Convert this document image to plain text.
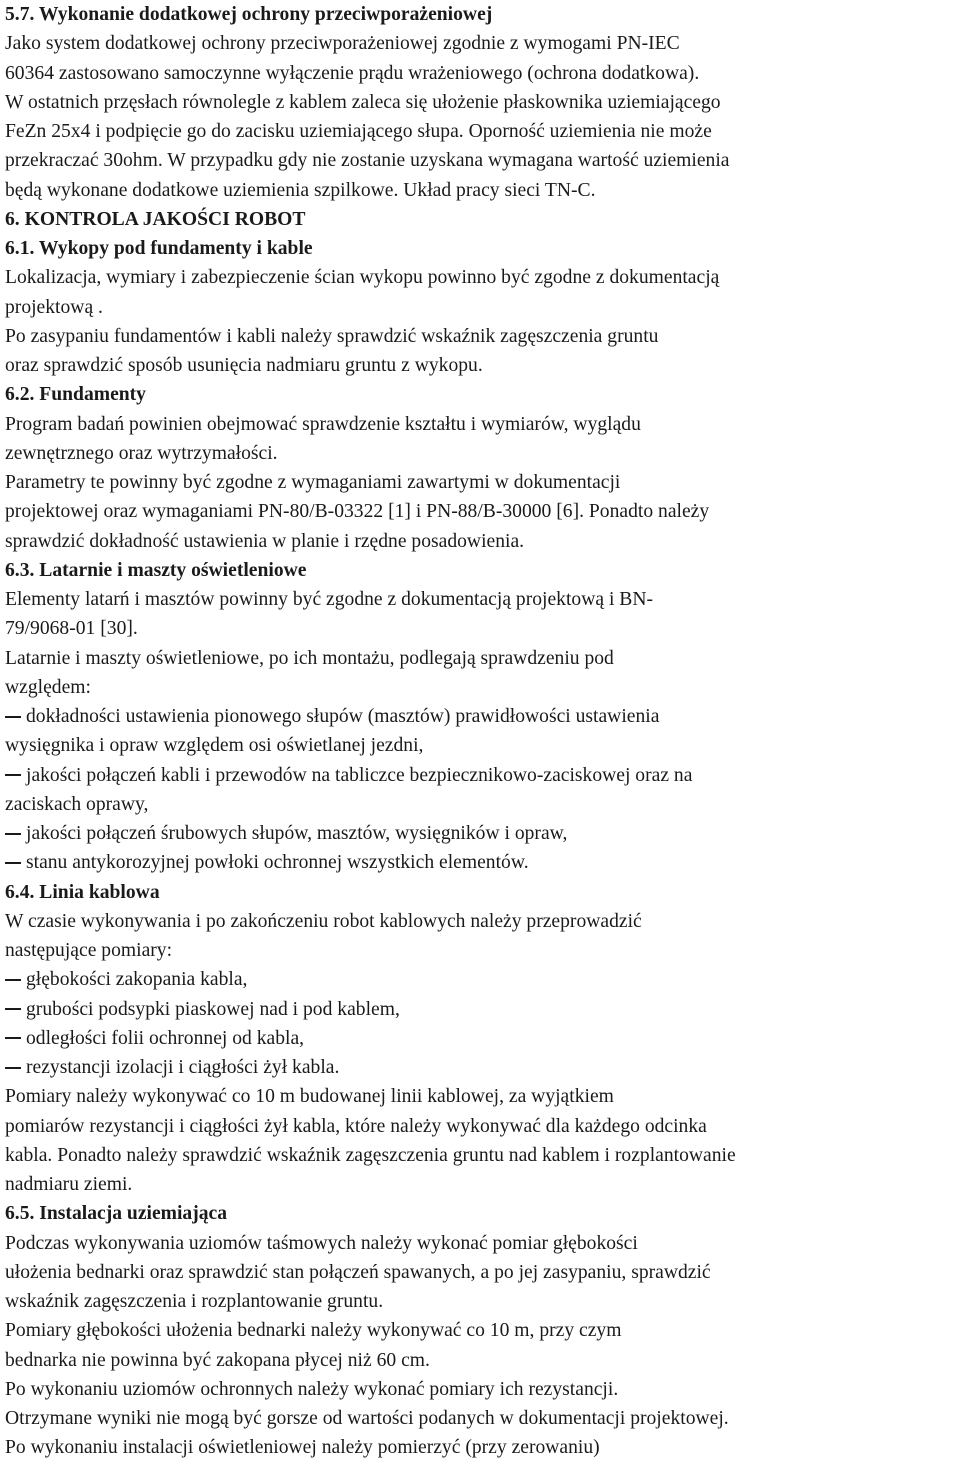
5.7. Wykonanie dodatkowej ochrony przeciwporażeniowej
Jako system dodatkowej ochrony przeciwporażeniowej zgodnie z wymogami PN-IEC
60364 zastosowano samoczynne wyłączenie prądu wrażeniowego (ochrona dodatkowa).
W ostatnich przęsłach równolegle z kablem zaleca się ułożenie płaskownika uziemiającego
FeZn 25x4 i podpięcie go do zacisku uziemiającego słupa. Oporność uziemienia nie może
przekraczać 30ohm. W przypadku gdy nie zostanie uzyskana wymagana wartość uziemienia
będą wykonane dodatkowe uziemienia szpilkowe. Układ pracy sieci TN-C.
6. KONTROLA JAKOŚCI ROBOT
6.1. Wykopy pod fundamenty i kable
Lokalizacja, wymiary i zabezpieczenie ścian wykopu powinno być zgodne z dokumentacją
projektową .
Po zasypaniu fundamentów i kabli należy sprawdzić wskaźnik zagęszczenia gruntu
oraz sprawdzić sposób usunięcia nadmiaru gruntu z wykopu.
6.2. Fundamenty
Program badań powinien obejmować sprawdzenie kształtu i wymiarów, wyglądu
zewnętrznego oraz wytrzymałości.
Parametry te powinny być zgodne z wymaganiami zawartymi w dokumentacji
projektowej oraz wymaganiami PN-80/B-03322 [1] i PN-88/B-30000 [6]. Ponadto należy
sprawdzić dokładność ustawienia w planie i rzędne posadowienia.
6.3. Latarnie i maszty oświetleniowe
Elementy latarń i masztów powinny być zgodne z dokumentacją projektową i BN-
79/9068-01 [30].
Latarnie i maszty oświetleniowe, po ich montażu, podlegają sprawdzeniu pod
względem:
dokładności ustawienia pionowego słupów (masztów) prawidłowości ustawienia
wysięgnika i opraw względem osi oświetlanej jezdni,
jakości połączeń kabli i przewodów na tabliczce bezpiecznikowo-zaciskowej oraz na
zaciskach oprawy,
jakości połączeń śrubowych słupów, masztów, wysięgników i opraw,
stanu antykorozyjnej powłoki ochronnej wszystkich elementów.
6.4. Linia kablowa
W czasie wykonywania i po zakończeniu robot kablowych należy przeprowadzić
następujące pomiary:
głębokości zakopania kabla,
grubości podsypki piaskowej nad i pod kablem,
odległości folii ochronnej od kabla,
rezystancji izolacji i ciągłości żył kabla.
Pomiary należy wykonywać co 10 m budowanej linii kablowej, za wyjątkiem
pomiarów rezystancji i ciągłości żył kabla, które należy wykonywać dla każdego odcinka
kabla. Ponadto należy sprawdzić wskaźnik zagęszczenia gruntu nad kablem i rozplantowanie
nadmiaru ziemi.
6.5. Instalacja uziemiająca
Podczas wykonywania uziomów taśmowych należy wykonać pomiar głębokości
ułożenia bednarki oraz sprawdzić stan połączeń spawanych, a po jej zasypaniu, sprawdzić
wskaźnik zagęszczenia i rozplantowanie gruntu.
Pomiary głębokości ułożenia bednarki należy wykonywać co 10 m, przy czym
bednarka nie powinna być zakopana płycej niż 60 cm.
Po wykonaniu uziomów ochronnych należy wykonać pomiary ich rezystancji.
Otrzymane wyniki nie mogą być gorsze od wartości podanych w dokumentacji projektowej.
Po wykonaniu instalacji oświetleniowej należy pomierzyć (przy zerowaniu)
